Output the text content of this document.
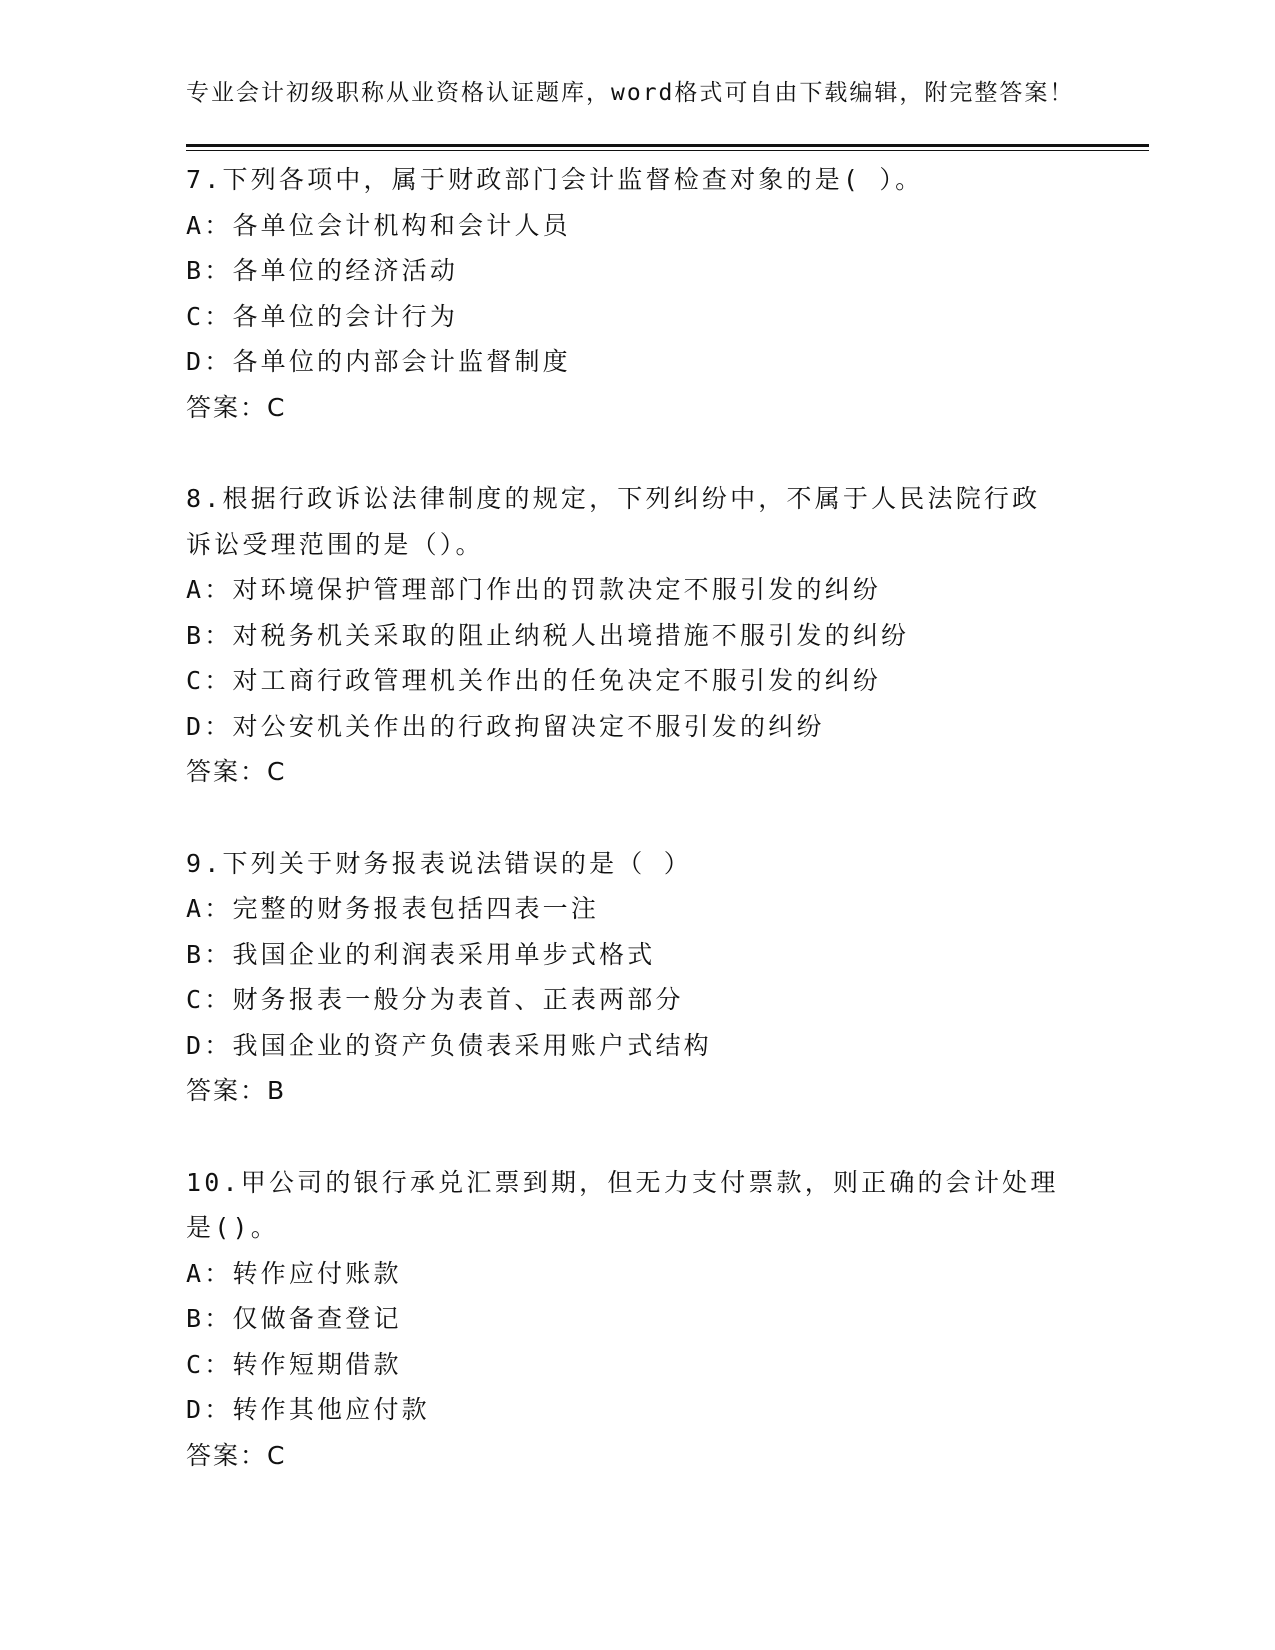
专业会计初级职称从业资格认证题库，word格式可自由下载编辑，附完整答案！
7.下列各项中，属于财政部门会计监督检查对象的是( ）。
A：各单位会计机构和会计人员
B：各单位的经济活动
C：各单位的会计行为
D：各单位的内部会计监督制度
答案：C
8.根据行政诉讼法律制度的规定，下列纠纷中，不属于人民法院行政
诉讼受理范围的是（）。
A：对环境保护管理部门作出的罚款决定不服引发的纠纷
B：对税务机关采取的阻止纳税人出境措施不服引发的纠纷
C：对工商行政管理机关作出的任免决定不服引发的纠纷
D：对公安机关作出的行政拘留决定不服引发的纠纷
答案：C
9.下列关于财务报表说法错误的是（ ）
A：完整的财务报表包括四表一注
B：我国企业的利润表采用单步式格式
C：财务报表一般分为表首、正表两部分
D：我国企业的资产负债表采用账户式结构
答案：B
10.甲公司的银行承兑汇票到期，但无力支付票款，则正确的会计处理
是()。
A：转作应付账款
B：仅做备查登记
C：转作短期借款
D：转作其他应付款
答案：C
